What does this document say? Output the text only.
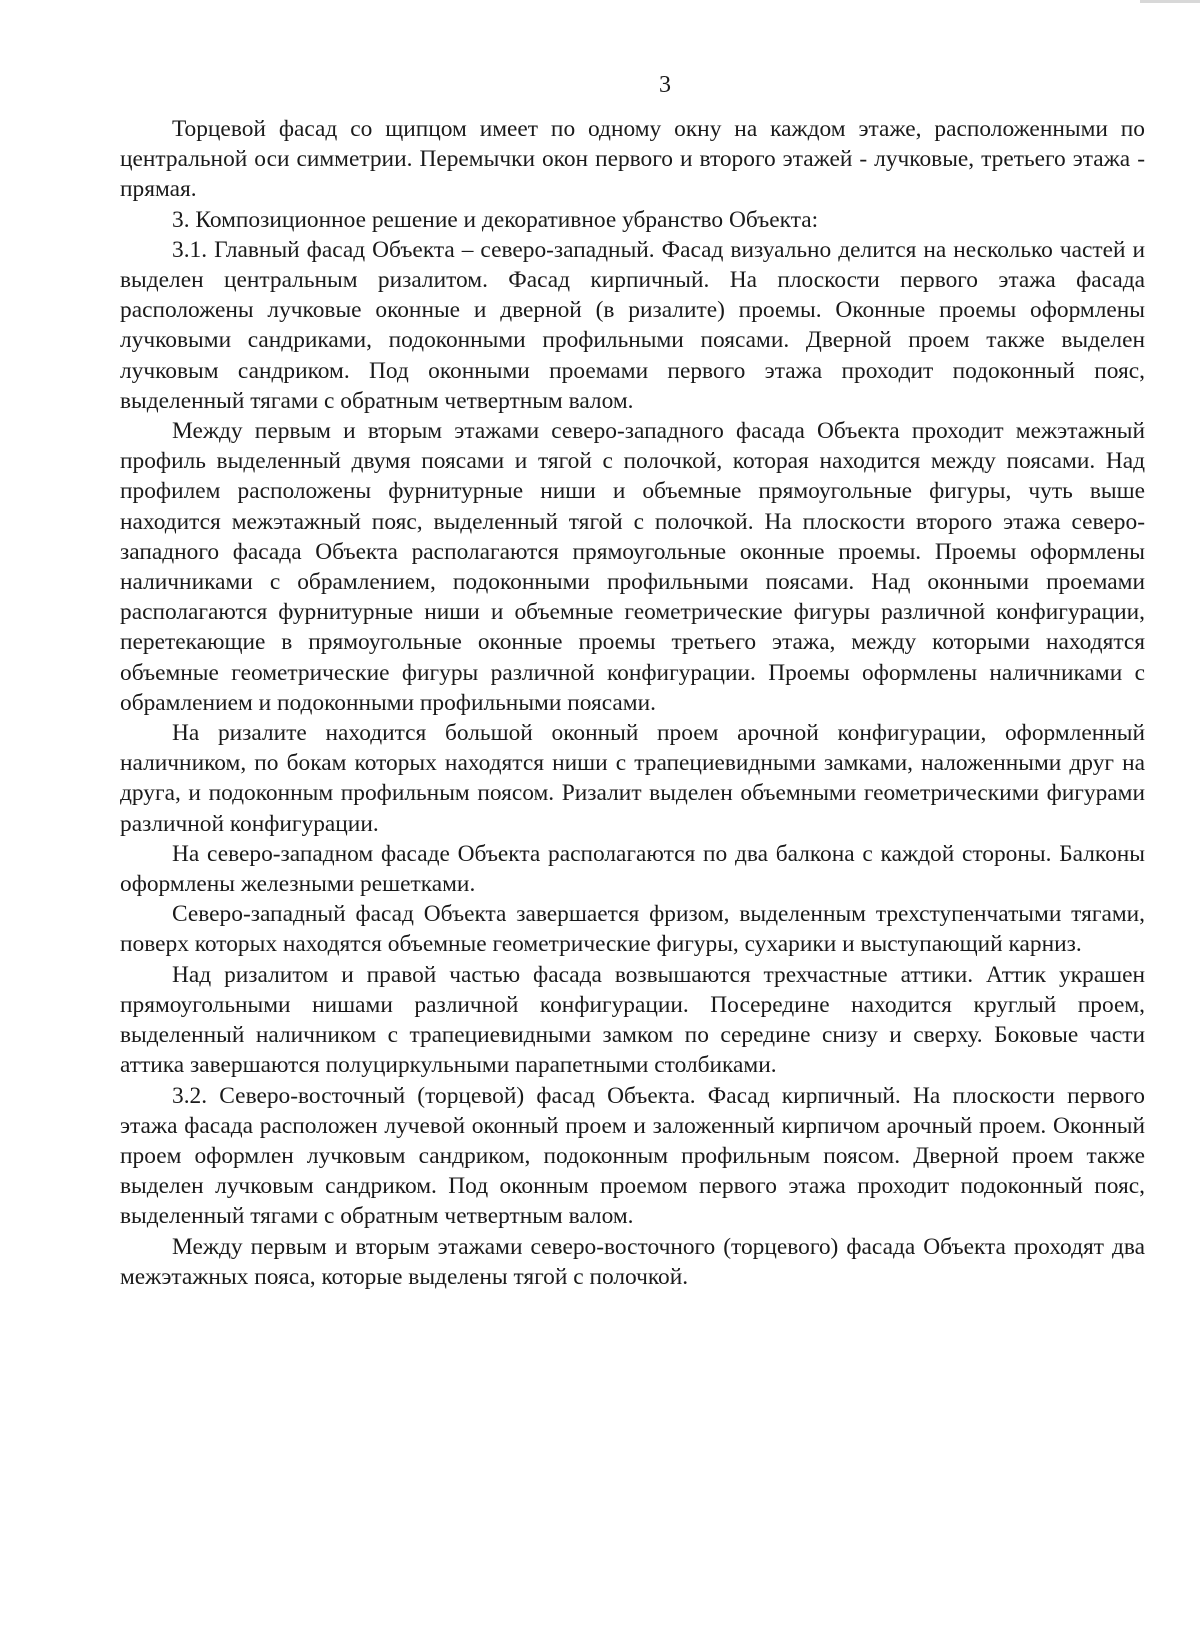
3

Торцевой фасад со щипцом имеет по одному окну на каждом этаже, расположенными по центральной оси симметрии. Перемычки окон первого и второго этажей - лучковые, третьего этажа - прямая.

3. Композиционное решение и декоративное убранство Объекта:

3.1. Главный фасад Объекта – северо-западный. Фасад визуально делится на несколько частей и выделен центральным ризалитом. Фасад кирпичный. На плоскости первого этажа фасада расположены лучковые оконные и дверной (в ризалите) проемы. Оконные проемы оформлены лучковыми сандриками, подоконными профильными поясами. Дверной проем также выделен лучковым сандриком. Под оконными проемами первого этажа проходит подоконный пояс, выделенный тягами с обратным четвертным валом.

Между первым и вторым этажами северо-западного фасада Объекта проходит межэтажный профиль выделенный двумя поясами и тягой с полочкой, которая находится между поясами. Над профилем расположены фурнитурные ниши и объемные прямоугольные фигуры, чуть выше находится межэтажный пояс, выделенный тягой с полочкой. На плоскости второго этажа северо-западного фасада Объекта располагаются прямоугольные оконные проемы. Проемы оформлены наличниками с обрамлением, подоконными профильными поясами. Над оконными проемами располагаются фурнитурные ниши и объемные геометрические фигуры различной конфигурации, перетекающие в прямоугольные оконные проемы третьего этажа, между которыми находятся объемные геометрические фигуры различной конфигурации. Проемы оформлены наличниками с обрамлением и подоконными профильными поясами.

На ризалите находится большой оконный проем арочной конфигурации, оформленный наличником, по бокам которых находятся ниши с трапециевидными замками, наложенными друг на друга, и подоконным профильным поясом. Ризалит выделен объемными геометрическими фигурами различной конфигурации.

На северо-западном фасаде Объекта располагаются по два балкона с каждой стороны. Балконы оформлены железными решетками.

Северо-западный фасад Объекта завершается фризом, выделенным трехступенчатыми тягами, поверх которых находятся объемные геометрические фигуры, сухарики и выступающий карниз.

Над ризалитом и правой частью фасада возвышаются трехчастные аттики. Аттик украшен прямоугольными нишами различной конфигурации. Посередине находится круглый проем, выделенный наличником с трапециевидными замком по середине снизу и сверху. Боковые части аттика завершаются полуциркульными парапетными столбиками.

3.2. Северо-восточный (торцевой) фасад Объекта. Фасад кирпичный. На плоскости первого этажа фасада расположен лучевой оконный проем и заложенный кирпичом арочный проем. Оконный проем оформлен лучковым сандриком, подоконным профильным поясом. Дверной проем также выделен лучковым сандриком. Под оконным проемом первого этажа проходит подоконный пояс, выделенный тягами с обратным четвертным валом.

Между первым и вторым этажами северо-восточного (торцевого) фасада Объекта проходят два межэтажных пояса, которые выделены тягой с полочкой.
